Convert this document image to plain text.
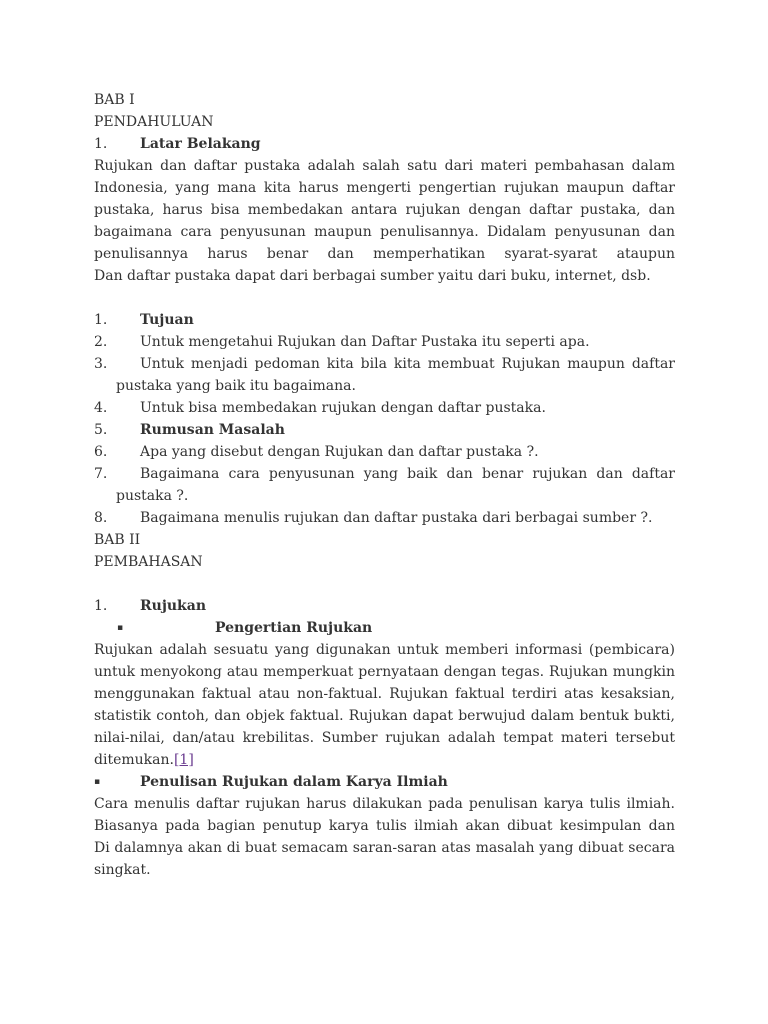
BAB I
PENDAHULUAN
1. Latar Belakang
Rujukan dan daftar pustaka adalah salah satu dari materi pembahasan dalam
Indonesia, yang mana kita harus mengerti pengertian rujukan maupun daftar
pustaka, harus bisa membedakan antara rujukan dengan daftar pustaka, dan
bagaimana cara penyusunan maupun penulisannya. Didalam penyusunan dan
penulisannya harus benar dan memperhatikan syarat-syarat ataupun
Dan daftar pustaka dapat dari berbagai sumber yaitu dari buku, internet, dsb.
1. Tujuan
2. Untuk mengetahui Rujukan dan Daftar Pustaka itu seperti apa.
3. Untuk menjadi pedoman kita bila kita membuat Rujukan maupun daftar
pustaka yang baik itu bagaimana.
4. Untuk bisa membedakan rujukan dengan daftar pustaka.
5. Rumusan Masalah
6. Apa yang disebut dengan Rujukan dan daftar pustaka ?.
7. Bagaimana cara penyusunan yang baik dan benar rujukan dan daftar
pustaka ?.
8. Bagaimana menulis rujukan dan daftar pustaka dari berbagai sumber ?.
BAB II
PEMBAHASAN
1. Rujukan
▪	Pengertian Rujukan
Rujukan adalah sesuatu yang digunakan untuk memberi informasi (pembicara)
untuk menyokong atau memperkuat pernyataan dengan tegas. Rujukan mungkin
menggunakan faktual atau non-faktual. Rujukan faktual terdiri atas kesaksian,
statistik contoh, dan objek faktual. Rujukan dapat berwujud dalam bentuk bukti,
nilai-nilai, dan/atau krebilitas. Sumber rujukan adalah tempat materi tersebut
ditemukan.[1]
▪	Penulisan Rujukan dalam Karya Ilmiah
Cara menulis daftar rujukan harus dilakukan pada penulisan karya tulis ilmiah.
Biasanya pada bagian penutup karya tulis ilmiah akan dibuat kesimpulan dan
Di dalamnya akan di buat semacam saran-saran atas masalah yang dibuat secara
singkat.
